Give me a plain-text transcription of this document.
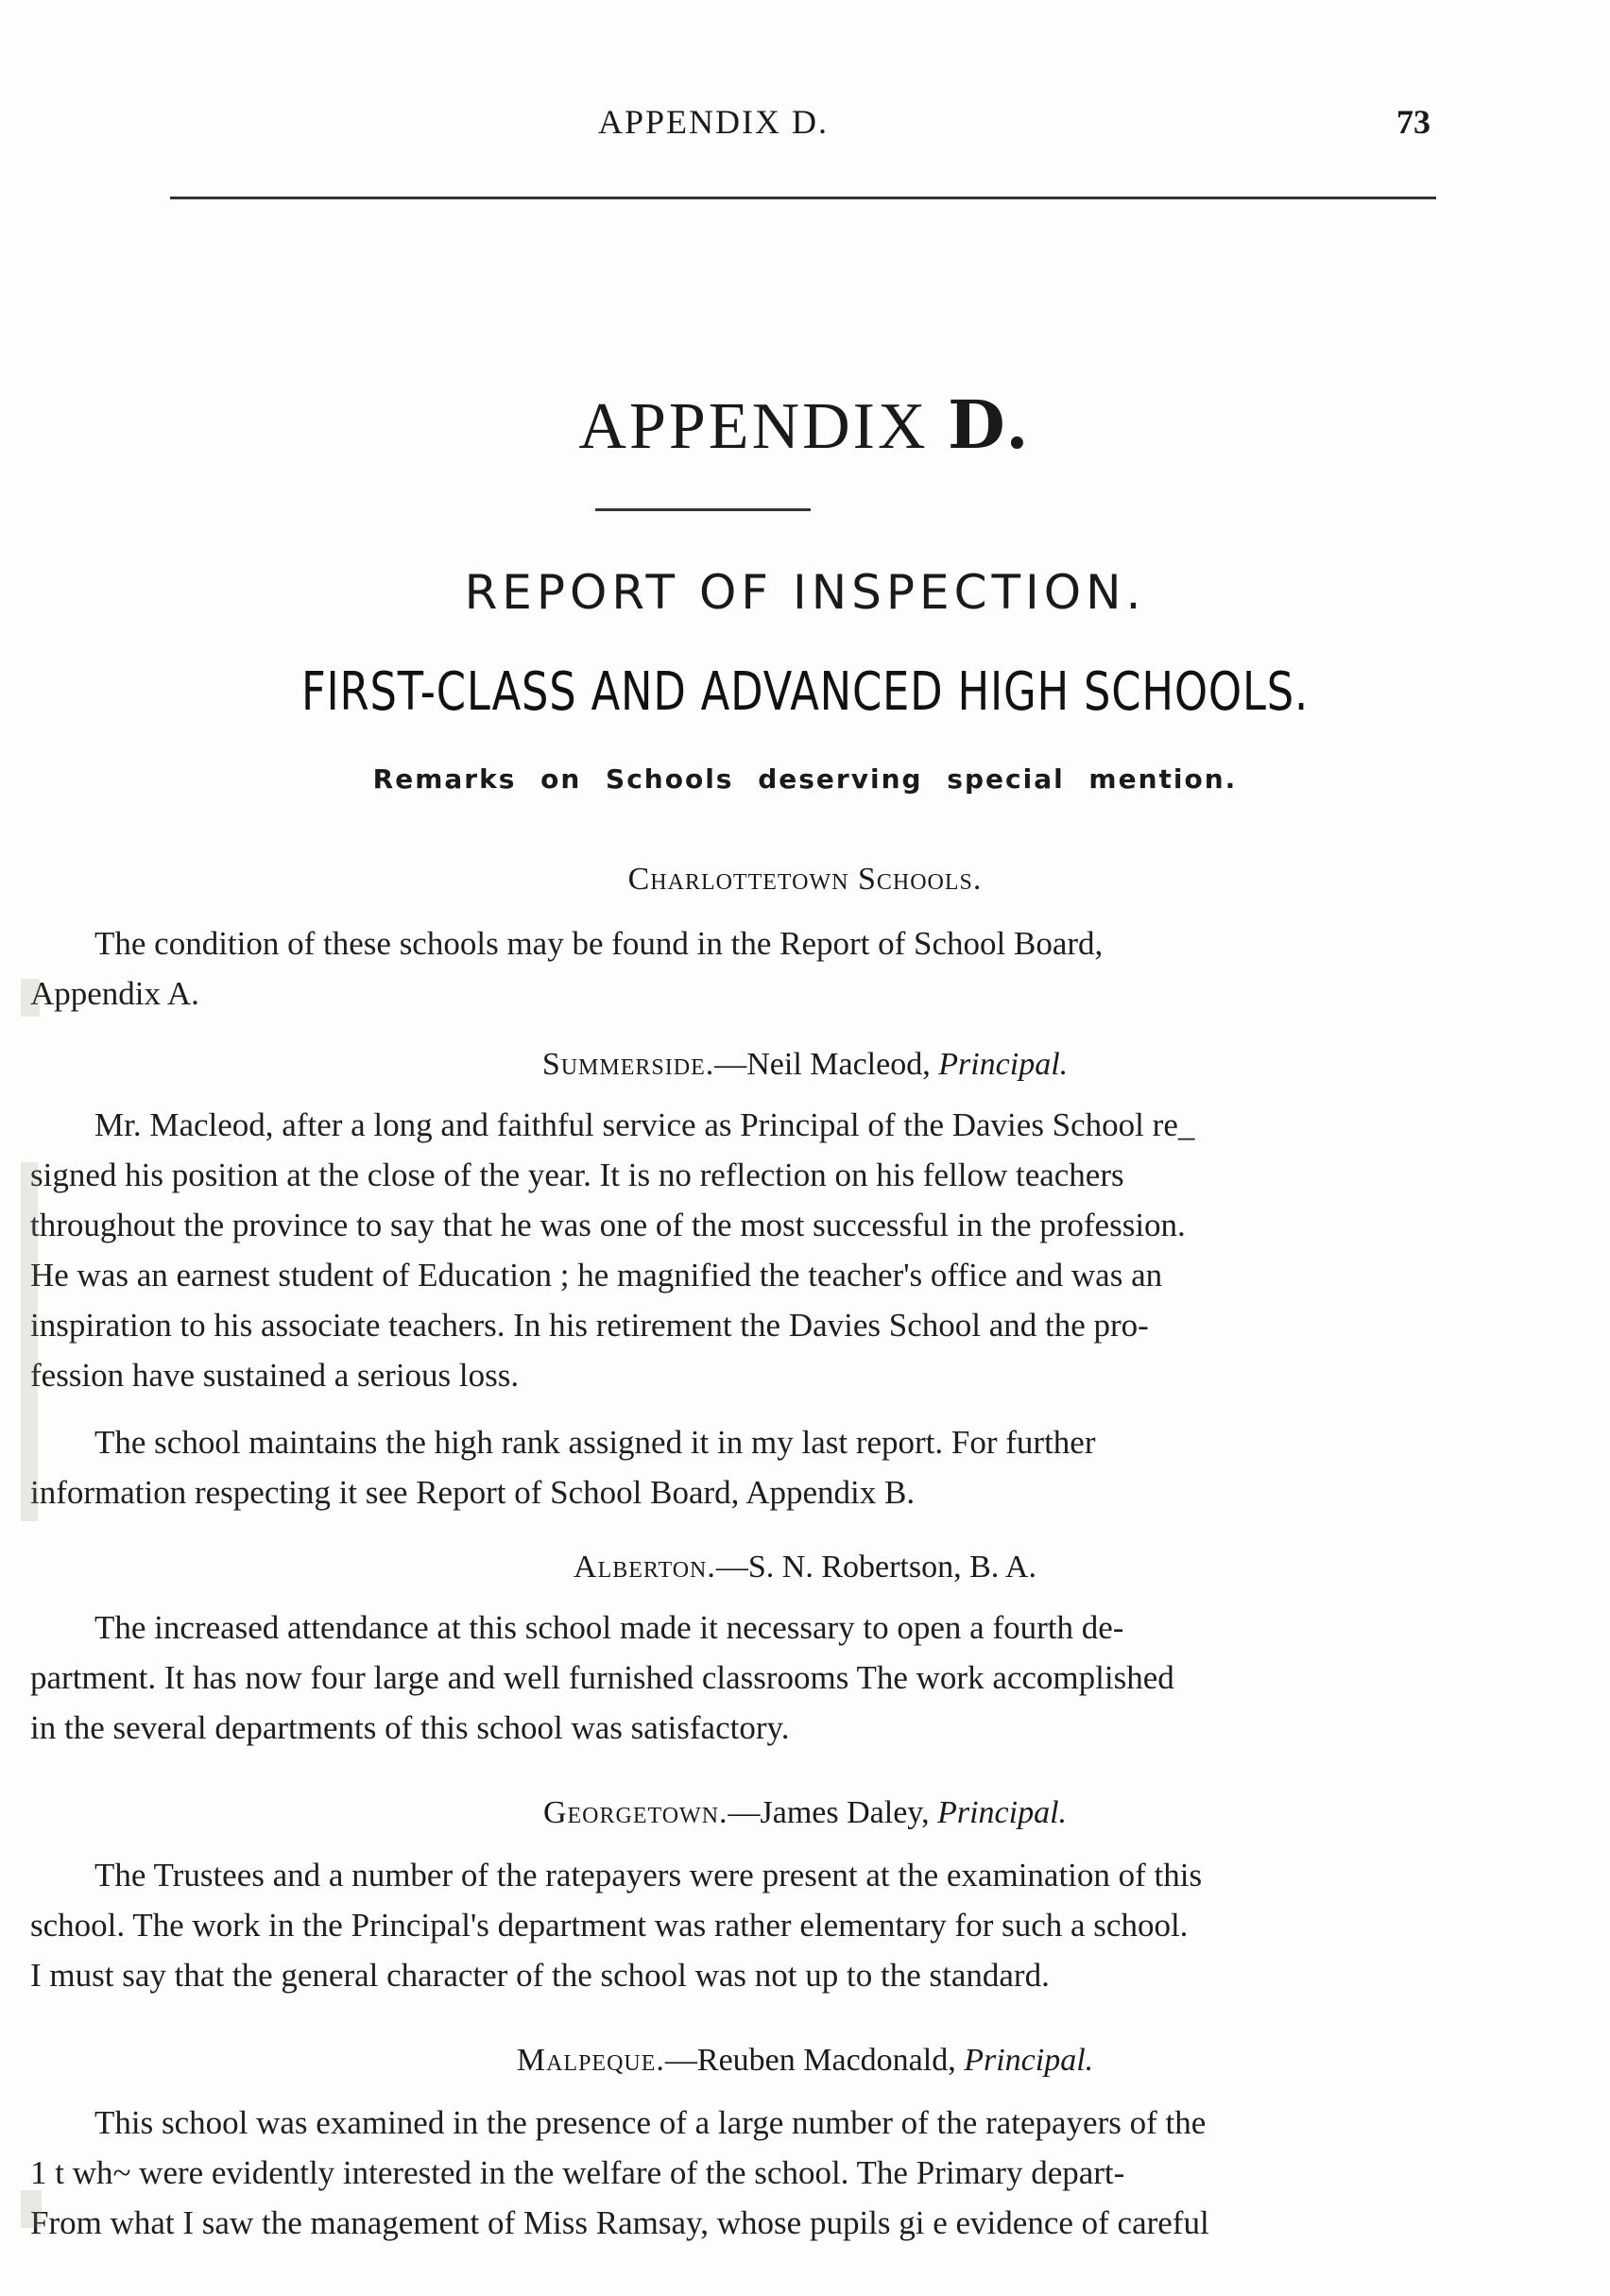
APPENDIX D.	73
APPENDIX D.
REPORT OF INSPECTION.
FIRST-CLASS AND ADVANCED HIGH SCHOOLS.
Remarks on Schools deserving special mention.
Charlottetown Schools.
The condition of these schools may be found in the Report of School Board,
Appendix A.
Summerside.—Neil Macleod, Principal.
Mr. Macleod, after a long and faithful service as Principal of the Davies School re_
signed his position at the close of the year. It is no reflection on his fellow teachers
throughout the province to say that he was one of the most successful in the profession.
He was an earnest student of Education ; he magnified the teacher's office and was an
inspiration to his associate teachers. In his retirement the Davies School and the pro-
fession have sustained a serious loss.
The school maintains the high rank assigned it in my last report. For further
information respecting it see Report of School Board, Appendix B.
Alberton.—S. N. Robertson, B. A.
The increased attendance at this school made it necessary to open a fourth de-
partment. It has now four large and well furnished classrooms The work accomplished
in the several departments of this school was satisfactory.
Georgetown.—James Daley, Principal.
The Trustees and a number of the ratepayers were present at the examination of this
school. The work in the Principal's department was rather elementary for such a school.
I must say that the general character of the school was not up to the standard.
Malpeque.—Reuben Macdonald, Principal.
This school was examined in the presence of a large number of the ratepayers of the
1 t wh~ were evidently interested in the welfare of the school. The Primary depart-
From what I saw the management of Miss Ramsay, whose pupils gi e evidence of careful
